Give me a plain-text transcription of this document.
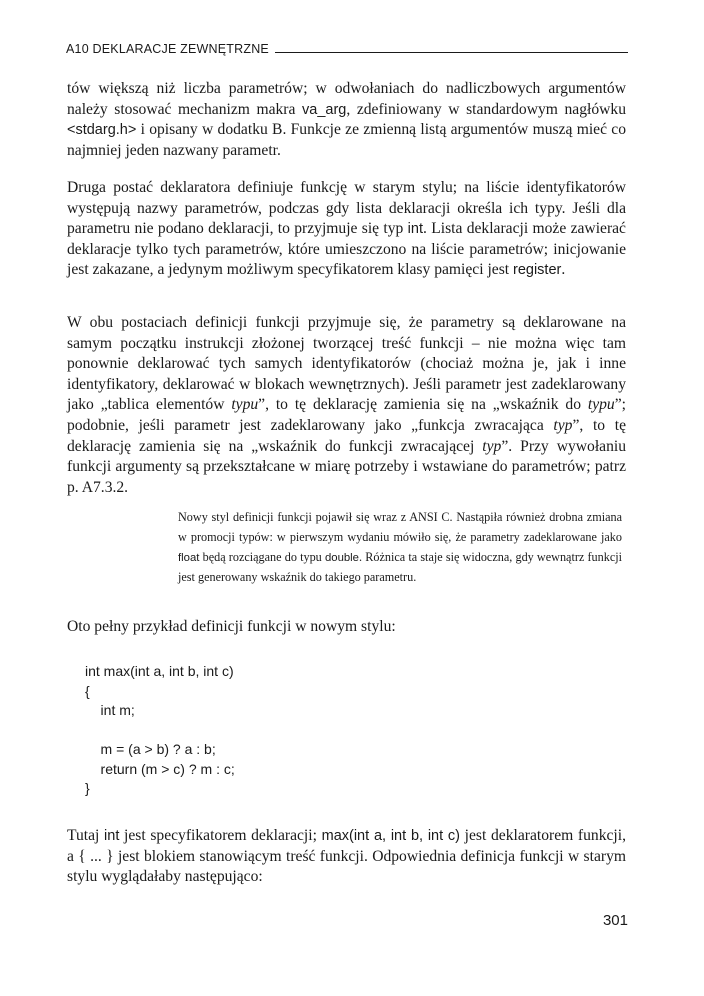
A10 DEKLARACJE ZEWNĘTRZNE

tów większą niż liczba parametrów; w odwołaniach do nadliczbowych argumentów należy stosować mechanizm makra va_arg, zdefiniowany w standardowym nagłówku <stdarg.h> i opisany w dodatku B. Funkcje ze zmienną listą argumentów muszą mieć co najmniej jeden nazwany parametr.

Druga postać deklaratora definiuje funkcję w starym stylu; na liście identyfikatorów występują nazwy parametrów, podczas gdy lista deklaracji określa ich typy. Jeśli dla parametru nie podano deklaracji, to przyjmuje się typ int. Lista deklaracji może zawierać deklaracje tylko tych parametrów, które umieszczono na liście parametrów; inicjowanie jest zakazane, a jedynym możliwym specyfikatorem klasy pamięci jest register.

W obu postaciach definicji funkcji przyjmuje się, że parametry są deklarowane na samym początku instrukcji złożonej tworzącej treść funkcji – nie można więc tam ponownie deklarować tych samych identyfikatorów (chociaż można je, jak i inne identyfikatory, deklarować w blokach wewnętrznych). Jeśli parametr jest zadeklarowany jako „tablica elementów typu”, to tę deklarację zamienia się na „wskaźnik do typu”; podobnie, jeśli parametr jest zadeklarowany jako „funkcja zwracająca typ”, to tę deklarację zamienia się na „wskaźnik do funkcji zwracającej typ”. Przy wywołaniu funkcji argumenty są przekształcane w miarę potrzeby i wstawiane do parametrów; patrz p. A7.3.2.

Nowy styl definicji funkcji pojawił się wraz z ANSI C. Nastąpiła również drobna zmiana w promocji typów: w pierwszym wydaniu mówiło się, że parametry zadeklarowane jako float będą rozciągane do typu double. Różnica ta staje się widoczna, gdy wewnątrz funkcji jest generowany wskaźnik do takiego parametru.

Oto pełny przykład definicji funkcji w nowym stylu:

int max(int a, int b, int c)
{
int m;
m = (a > b) ? a : b;
return (m > c) ? m : c;
}

Tutaj int jest specyfikatorem deklaracji; max(int a, int b, int c) jest deklaratorem funkcji, a { ... } jest blokiem stanowiącym treść funkcji. Odpowiednia definicja funkcji w starym stylu wyglądałaby następująco:

301
